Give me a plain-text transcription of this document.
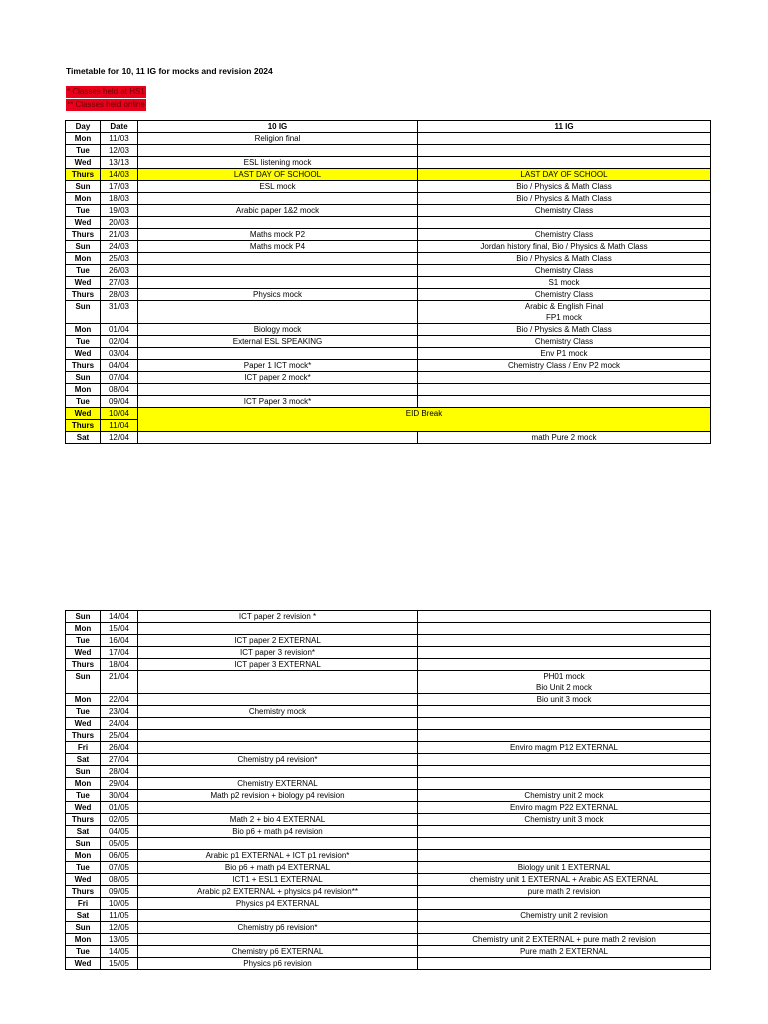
Timetable for 10, 11 IG for mocks and revision 2024
* Classes held at HS1
** Classes held online
Day	Date	10 IG	11 IG
Mon	11/03	Religion final	
Tue	12/03		
Wed	13/13	ESL listening mock	
Thurs	14/03	LAST DAY OF SCHOOL	LAST DAY OF SCHOOL
Sun	17/03	ESL mock	Bio / Physics & Math Class
Mon	18/03		Bio / Physics & Math Class
Tue	19/03	Arabic paper 1&2 mock	Chemistry Class
Wed	20/03		
Thurs	21/03	Maths mock P2	Chemistry Class
Sun	24/03	Maths mock P4	Jordan history final, Bio / Physics & Math Class
Mon	25/03		Bio / Physics & Math Class
Tue	26/03		Chemistry Class
Wed	27/03		S1 mock
Thurs	28/03	Physics mock	Chemistry Class
Sun	31/03		Arabic & English Final
FP1 mock

Mon	01/04	Biology mock	Bio / Physics & Math Class
Tue	02/04	External ESL SPEAKING	Chemistry Class
Wed	03/04		Env P1 mock
Thurs	04/04	Paper 1 ICT mock*	Chemistry Class / Env P2 mock
Sun	07/04	ICT paper 2 mock*	
Mon	08/04		
Tue	09/04	ICT Paper 3 mock*	
Wed	10/04	EID Break	
Thurs	11/04		
Sat	12/04		math Pure 2 mock
Sun	14/04	ICT paper 2 revision *	
Mon	15/04		
Tue	16/04	ICT paper 2 EXTERNAL	
Wed	17/04	ICT paper 3 revision*	
Thurs	18/04	ICT paper 3 EXTERNAL	
Sun	21/04		PH01 mock
Bio Unit 2 mock

Mon	22/04		Bio unit 3 mock
Tue	23/04	Chemistry mock	
Wed	24/04		
Thurs	25/04		
Fri	26/04		Enviro magm P12 EXTERNAL
Sat	27/04	Chemistry p4 revision*	
Sun	28/04		
Mon	29/04	Chemistry EXTERNAL	
Tue	30/04	Math p2 revision + biology p4 revision	Chemistry unit 2 mock
Wed	01/05		Enviro magm P22 EXTERNAL
Thurs	02/05	Math 2 + bio 4 EXTERNAL	Chemistry unit 3 mock
Sat	04/05	Bio p6 + math p4 revision	
Sun	05/05		
Mon	06/05	Arabic p1 EXTERNAL + ICT p1 revision*	
Tue	07/05	Bio p6 + math p4 EXTERNAL	Biology unit 1 EXTERNAL
Wed	08/05	ICT1 + ESL1 EXTERNAL	chemistry unit 1 EXTERNAL + Arabic AS EXTERNAL
Thurs	09/05	Arabic p2 EXTERNAL + physics p4 revision**	pure math 2 revision
Fri	10/05	Physics p4 EXTERNAL	
Sat	11/05		Chemistry unit 2 revision
Sun	12/05	Chemistry p6 revision*	
Mon	13/05		Chemistry unit 2 EXTERNAL + pure math 2 revision
Tue	14/05	Chemistry p6 EXTERNAL	Pure math 2 EXTERNAL
Wed	15/05	Physics p6 revision	
